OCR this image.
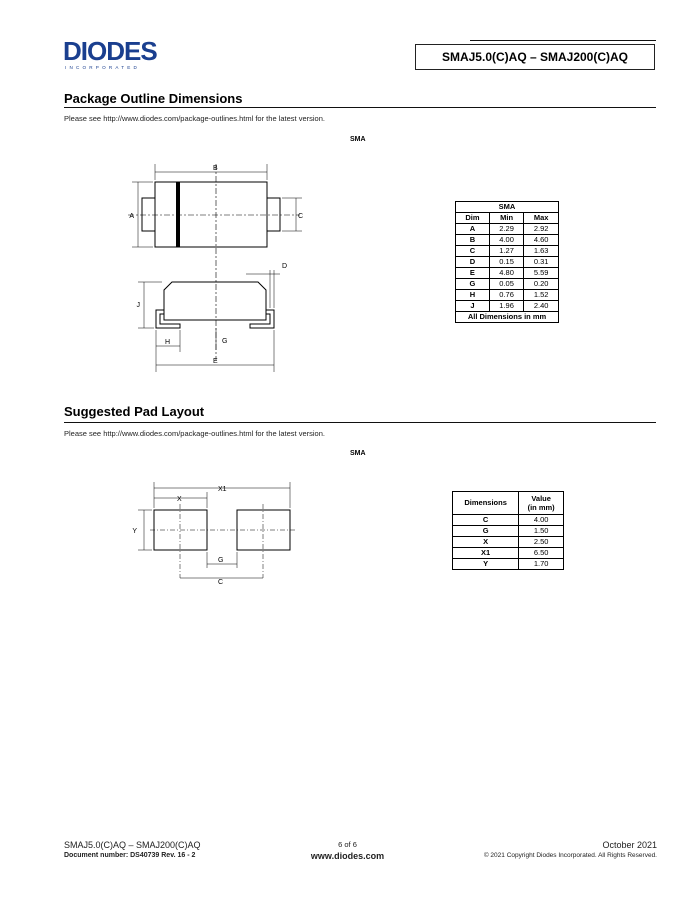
DIODES
INCORPORATED
SMAJ5.0(C)AQ – SMAJ200(C)AQ
Package Outline Dimensions
Please see http://www.diodes.com/package-outlines.html for the latest version.
SMA
B
A	C
D
E
G
H
J
SMA		
Dim	Min	Max
A	2.29	2.92
B	4.00	4.60
C	1.27	1.63
D	0.15	0.31
E	4.80	5.59
G	0.05	0.20
H	0.76	1.52
J	1.96	2.40
All Dimensions in mm		
Suggested Pad Layout
Please see http://www.diodes.com/package-outlines.html for the latest version.
SMA
X
X1
Y
G
C
Dimensions	Value
(in mm)
C	4.00
G	1.50
X	2.50
X1	6.50
Y	1.70
SMAJ5.0(C)AQ – SMAJ200(C)AQ
Document number: DS40739 Rev. 16 - 2
6 of 6
www.diodes.com
October 2021
© 2021 Copyright Diodes Incorporated. All Rights Reserved.
